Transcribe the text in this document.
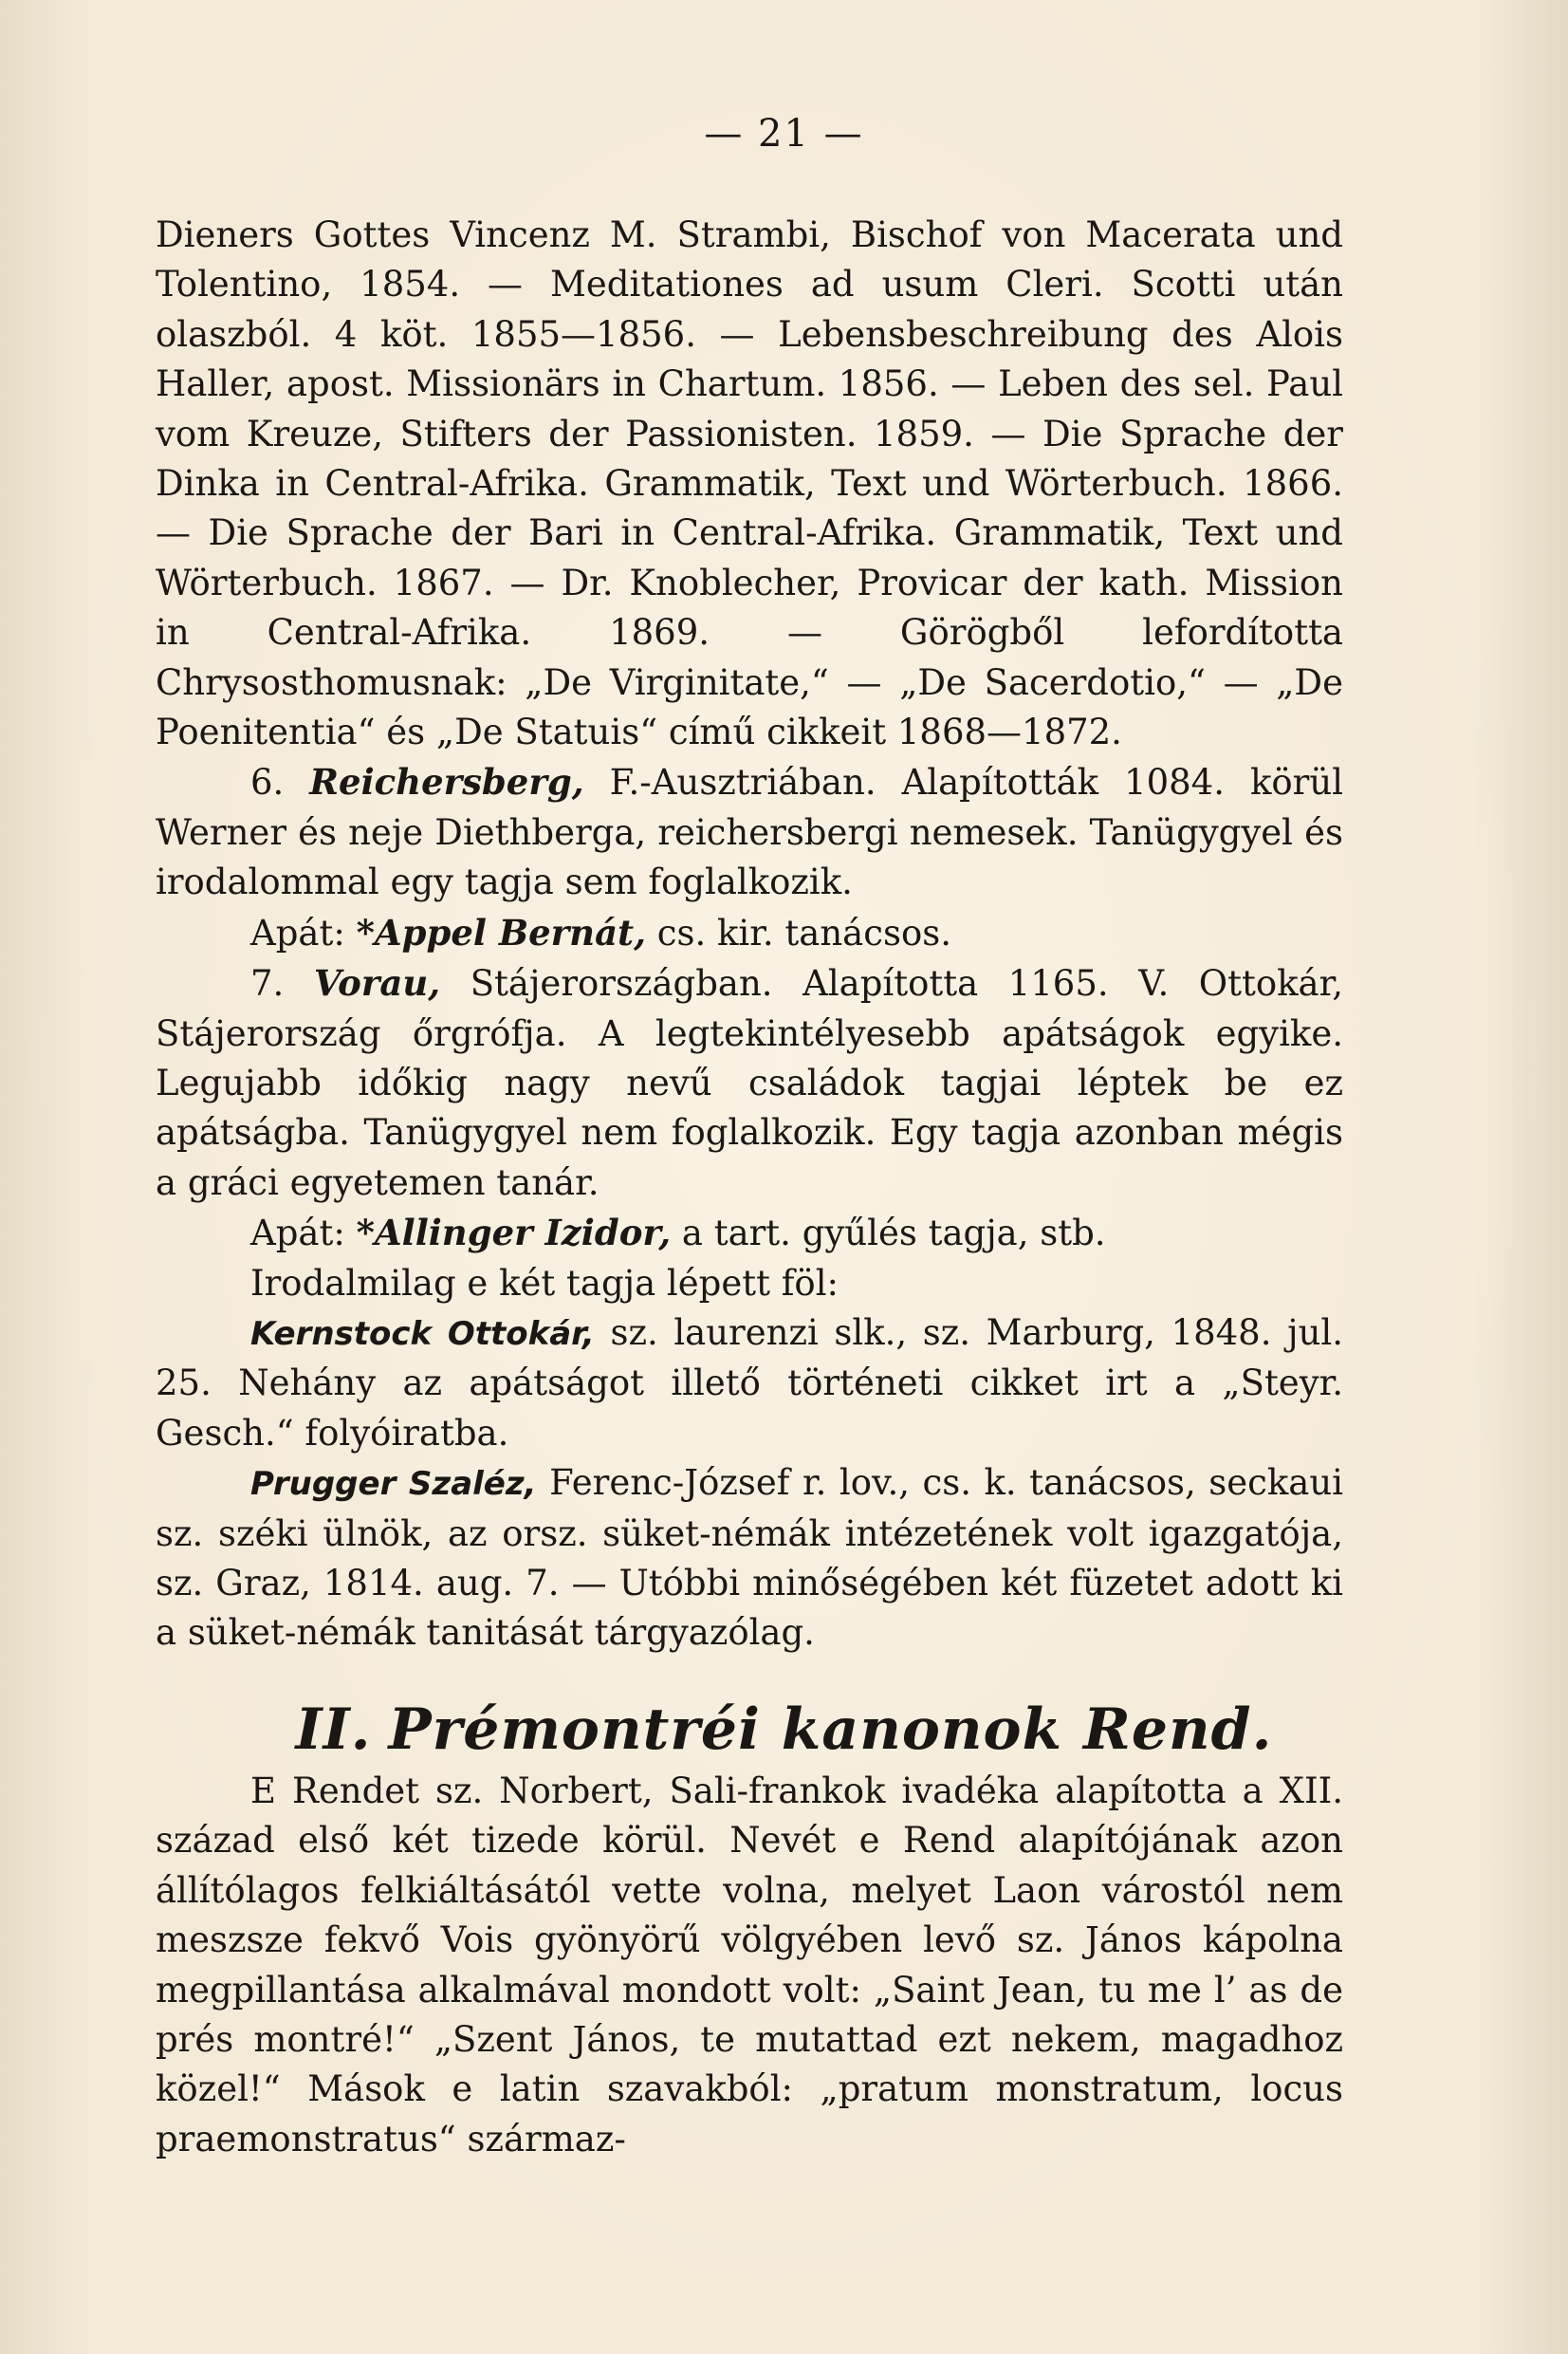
— 21 —

Dieners Gottes Vincenz M. Strambi, Bischof von Macerata und Tolentino, 1854. — Meditationes ad usum Cleri. Scotti után olaszból. 4 köt. 1855—1856. — Lebensbeschreibung des Alois Haller, apost. Missionärs in Chartum. 1856. — Leben des sel. Paul vom Kreuze, Stifters der Passionisten. 1859. — Die Sprache der Dinka in Central-Afrika. Grammatik, Text und Wörterbuch. 1866. — Die Sprache der Bari in Central-Afrika. Grammatik, Text und Wörterbuch. 1867. — Dr. Knoblecher, Provicar der kath. Mission in Central-Afrika. 1869. — Görögből lefordította Chrysosthomusnak: „De Virginitate,“ — „De Sacerdotio,“ — „De Poenitentia“ és „De Statuis“ című cikkeit 1868—1872.

6. Reichersberg, F.-Ausztriában. Alapították 1084. körül Werner és neje Diethberga, reichersbergi nemesek. Tanügygyel és irodalommal egy tagja sem foglalkozik.

Apát: *Appel Bernát, cs. kir. tanácsos.

7. Vorau, Stájerországban. Alapította 1165. V. Ottokár, Stájerország őrgrófja. A legtekintélyesebb apátságok egyike. Legujabb időkig nagy nevű családok tagjai léptek be ez apátságba. Tanügygyel nem foglalkozik. Egy tagja azonban mégis a gráci egyetemen tanár.

Apát: *Allinger Izidor, a tart. gyűlés tagja, stb.

Irodalmilag e két tagja lépett föl:

Kernstock Ottokár, sz. laurenzi slk., sz. Marburg, 1848. jul. 25. Nehány az apátságot illető történeti cikket irt a „Steyr. Gesch.“ folyóiratba.

Prugger Szaléz, Ferenc-József r. lov., cs. k. tanácsos, seckaui sz. széki ülnök, az orsz. süket-némák intézetének volt igazgatója, sz. Graz, 1814. aug. 7. — Utóbbi minőségében két füzetet adott ki a süket-némák tanitását tárgyazólag.

II. Prémontréi kanonok Rend.

E Rendet sz. Norbert, Sali-frankok ivadéka alapította a XII. század első két tizede körül. Nevét e Rend alapítójának azon állítólagos felkiáltásától vette volna, melyet Laon várostól nem meszsze fekvő Vois gyönyörű völgyében levő sz. János kápolna megpillantása alkalmával mondott volt: „Saint Jean, tu me l’ as de prés montré!“ „Szent János, te mutattad ezt nekem, magadhoz közel!“ Mások e latin szavakból: „pratum monstratum, locus praemonstratus“ származ-
